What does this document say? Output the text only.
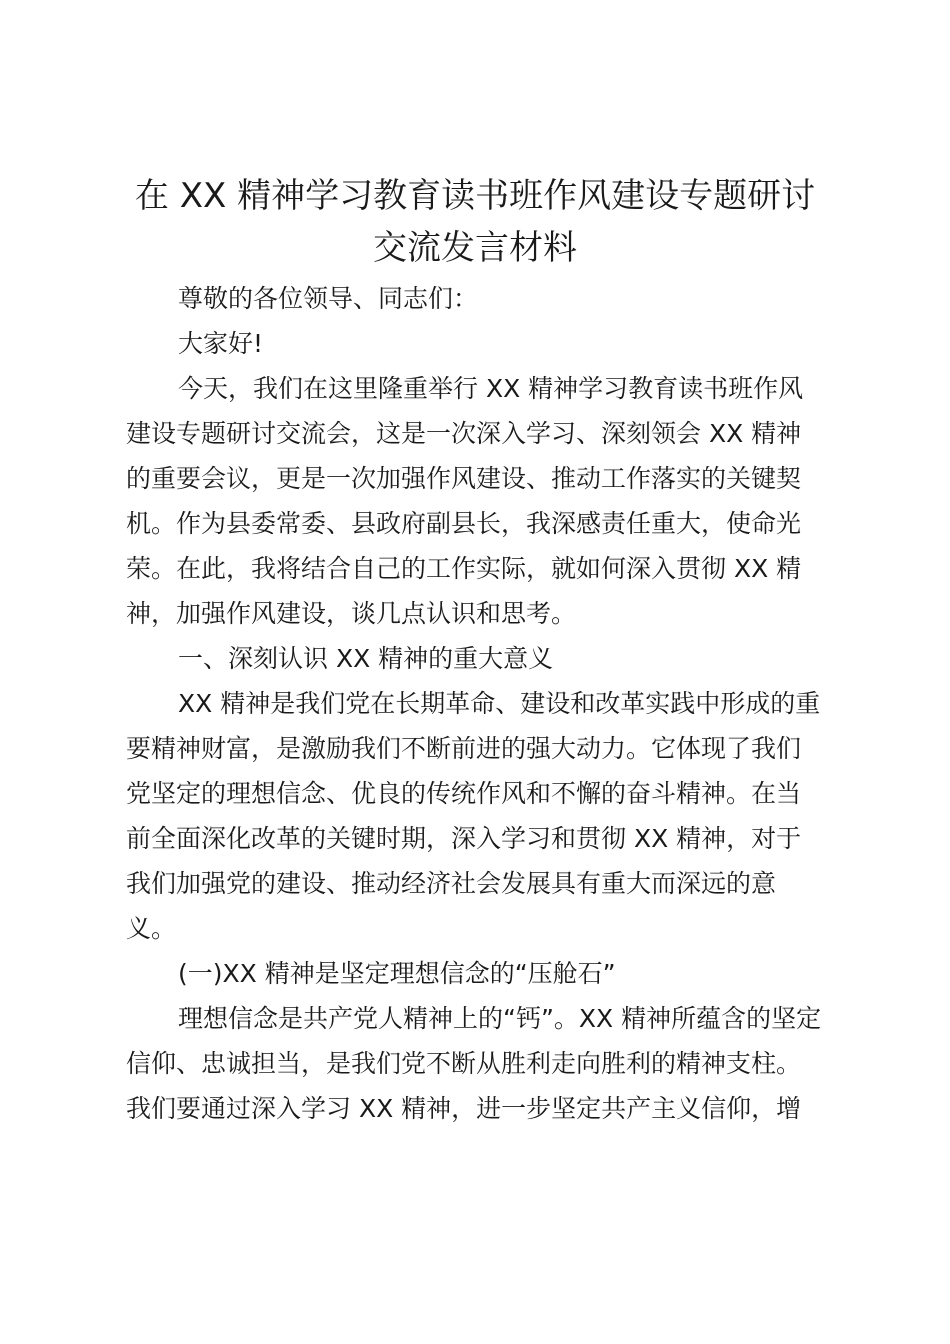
在 XX 精神学习教育读书班作风建设专题研讨
交流发言材料

尊敬的各位领导、同志们：

大家好!

今天，我们在这里隆重举行 XX 精神学习教育读书班作风
建设专题研讨交流会，这是一次深入学习、深刻领会 XX 精神
的重要会议，更是一次加强作风建设、推动工作落实的关键契
机。作为县委常委、县政府副县长，我深感责任重大，使命光
荣。在此，我将结合自己的工作实际，就如何深入贯彻 XX 精
神，加强作风建设，谈几点认识和思考。

一、深刻认识 XX 精神的重大意义

XX 精神是我们党在长期革命、建设和改革实践中形成的重
要精神财富，是激励我们不断前进的强大动力。它体现了我们
党坚定的理想信念、优良的传统作风和不懈的奋斗精神。在当
前全面深化改革的关键时期，深入学习和贯彻 XX 精神，对于
我们加强党的建设、推动经济社会发展具有重大而深远的意
义。

(一)XX 精神是坚定理想信念的“压舱石”

理想信念是共产党人精神上的“钙”。XX 精神所蕴含的坚定
信仰、忠诚担当，是我们党不断从胜利走向胜利的精神支柱。
我们要通过深入学习 XX 精神，进一步坚定共产主义信仰，增
